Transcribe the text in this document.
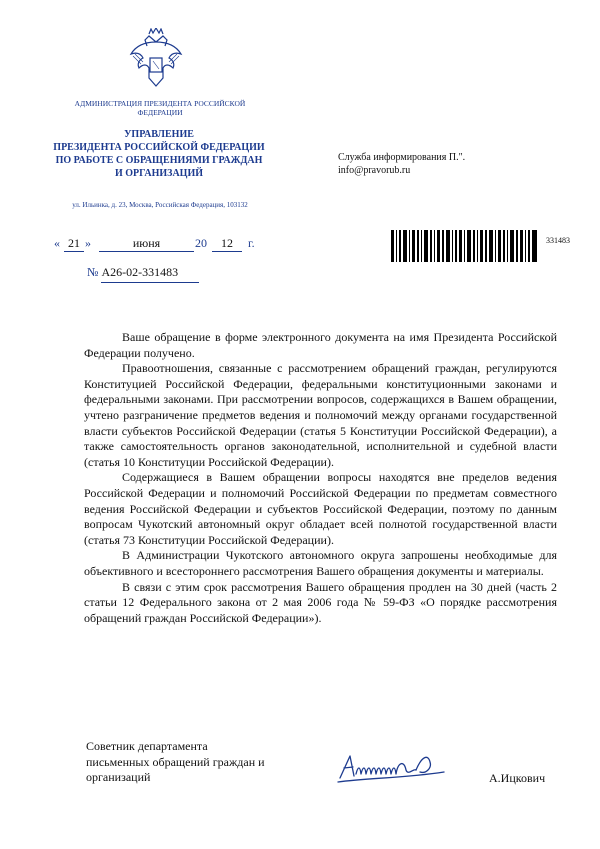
АДМИНИСТРАЦИЯ ПРЕЗИДЕНТА РОССИЙСКОЙ ФЕДЕРАЦИИ
УПРАВЛЕНИЕ
ПРЕЗИДЕНТА РОССИЙСКОЙ ФЕДЕРАЦИИ
ПО РАБОТЕ С ОБРАЩЕНИЯМИ ГРАЖДАН
И ОРГАНИЗАЦИЙ
ул. Ильинка, д. 23, Москва, Российская Федерация, 103132
Служба информирования П.".
info@pravorub.ru
« 21 »	июня	20	12	г.	331483
№ А26-02-331483

Ваше обращение в форме электронного документа на имя Президента Российской Федерации получено.

Правоотношения, связанные с рассмотрением обращений граждан, регулируются Конституцией Российской Федерации, федеральными конституционными законами и федеральными законами. При рассмотрении вопросов, содержащихся в Вашем обращении, учтено разграничение предметов ведения и полномочий между органами государственной власти субъектов Российской Федерации (статья 5 Конституции Российской Федерации), а также самостоятельность органов законодательной, исполнительной и судебной власти (статья 10 Конституции Российской Федерации).

Содержащиеся в Вашем обращении вопросы находятся вне пределов ведения Российской Федерации и полномочий Российской Федерации по предметам совместного ведения Российской Федерации и субъектов Российской Федерации, поэтому по данным вопросам Чукотский автономный округ обладает всей полнотой государственной власти (статья 73 Конституции Российской Федерации).

В Администрации Чукотского автономного округа запрошены необходимые для объективного и всестороннего рассмотрения Вашего обращения документы и материалы.

В связи с этим срок рассмотрения Вашего обращения продлен на 30 дней (часть 2 статьи 12 Федерального закона от 2 мая 2006 года № 59-ФЗ «О порядке рассмотрения обращений граждан Российской Федерации»).

Советник департамента
письменных обращений граждан и
организаций	А.Ицкович
